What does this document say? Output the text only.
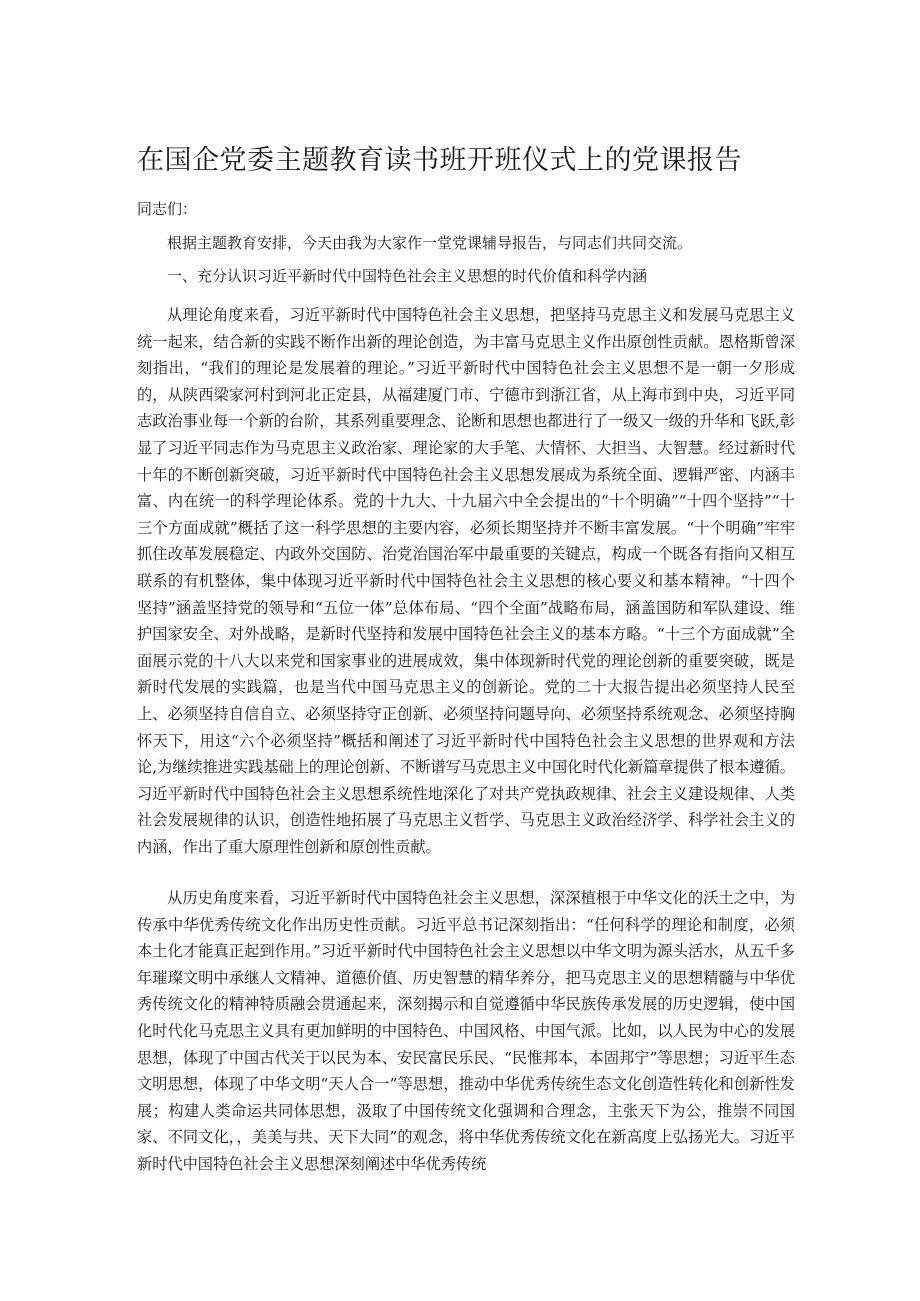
在国企党委主题教育读书班开班仪式上的党课报告

同志们：

根据主题教育安排，今天由我为大家作一堂党课辅导报告，与同志们共同交流。

一、充分认识习近平新时代中国特色社会主义思想的时代价值和科学内涵

从理论角度来看，习近平新时代中国特色社会主义思想，把坚持马克思主义和发展马克思主义统一起来，结合新的实践不断作出新的理论创造，为丰富马克思主义作出原创性贡献。恩格斯曾深刻指出，“我们的理论是发展着的理论。”习近平新时代中国特色社会主义思想不是一朝一夕形成的，从陕西梁家河村到河北正定县，从福建厦门市、宁德市到浙江省，从上海市到中央，习近平同志政治事业每一个新的台阶，其系列重要理念、论断和思想也都进行了一级又一级的升华和飞跃,彰显了习近平同志作为马克思主义政治家、理论家的大手笔、大情怀、大担当、大智慧。经过新时代十年的不断创新突破，习近平新时代中国特色社会主义思想发展成为系统全面、逻辑严密、内涵丰富、内在统一的科学理论体系。党的十九大、十九届六中全会提出的“十个明确”“十四个坚持”“十三个方面成就”概括了这一科学思想的主要内容，必须长期坚持并不断丰富发展。“十个明确”牢牢抓住改革发展稳定、内政外交国防、治党治国治军中最重要的关键点，构成一个既各有指向又相互联系的有机整体，集中体现习近平新时代中国特色社会主义思想的核心要义和基本精神。“十四个坚持”涵盖坚持党的领导和“五位一体”总体布局、“四个全面”战略布局，涵盖国防和军队建设、维护国家安全、对外战略，是新时代坚持和发展中国特色社会主义的基本方略。“十三个方面成就”全面展示党的十八大以来党和国家事业的进展成效，集中体现新时代党的理论创新的重要突破，既是新时代发展的实践篇，也是当代中国马克思主义的创新论。党的二十大报告提出必须坚持人民至上、必须坚持自信自立、必须坚持守正创新、必须坚持问题导向、必须坚持系统观念、必须坚持胸怀天下，用这“六个必须坚持”概括和阐述了习近平新时代中国特色社会主义思想的世界观和方法论,为继续推进实践基础上的理论创新、不断谱写马克思主义中国化时代化新篇章提供了根本遵循。习近平新时代中国特色社会主义思想系统性地深化了对共产党执政规律、社会主义建设规律、人类社会发展规律的认识，创造性地拓展了马克思主义哲学、马克思主义政治经济学、科学社会主义的内涵，作出了重大原理性创新和原创性贡献。

从历史角度来看，习近平新时代中国特色社会主义思想，深深植根于中华文化的沃土之中，为传承中华优秀传统文化作出历史性贡献。习近平总书记深刻指出：“任何科学的理论和制度，必须本土化才能真正起到作用。”习近平新时代中国特色社会主义思想以中华文明为源头活水，从五千多年璀璨文明中承继人文精神、道德价值、历史智慧的精华养分，把马克思主义的思想精髓与中华优秀传统文化的精神特质融会贯通起来，深刻揭示和自觉遵循中华民族传承发展的历史逻辑，使中国化时代化马克思主义具有更加鲜明的中国特色、中国风格、中国气派。比如，以人民为中心的发展思想，体现了中国古代关于以民为本、安民富民乐民、“民惟邦本，本固邦宁”等思想；习近平生态文明思想，体现了中华文明“天人合一”等思想，推动中华优秀传统生态文化创造性转化和创新性发展；构建人类命运共同体思想，汲取了中国传统文化强调和合理念，主张天下为公，推崇不同国家、不同文化，，美美与共、天下大同”的观念，将中华优秀传统文化在新高度上弘扬光大。习近平新时代中国特色社会主义思想深刻阐述中华优秀传统
